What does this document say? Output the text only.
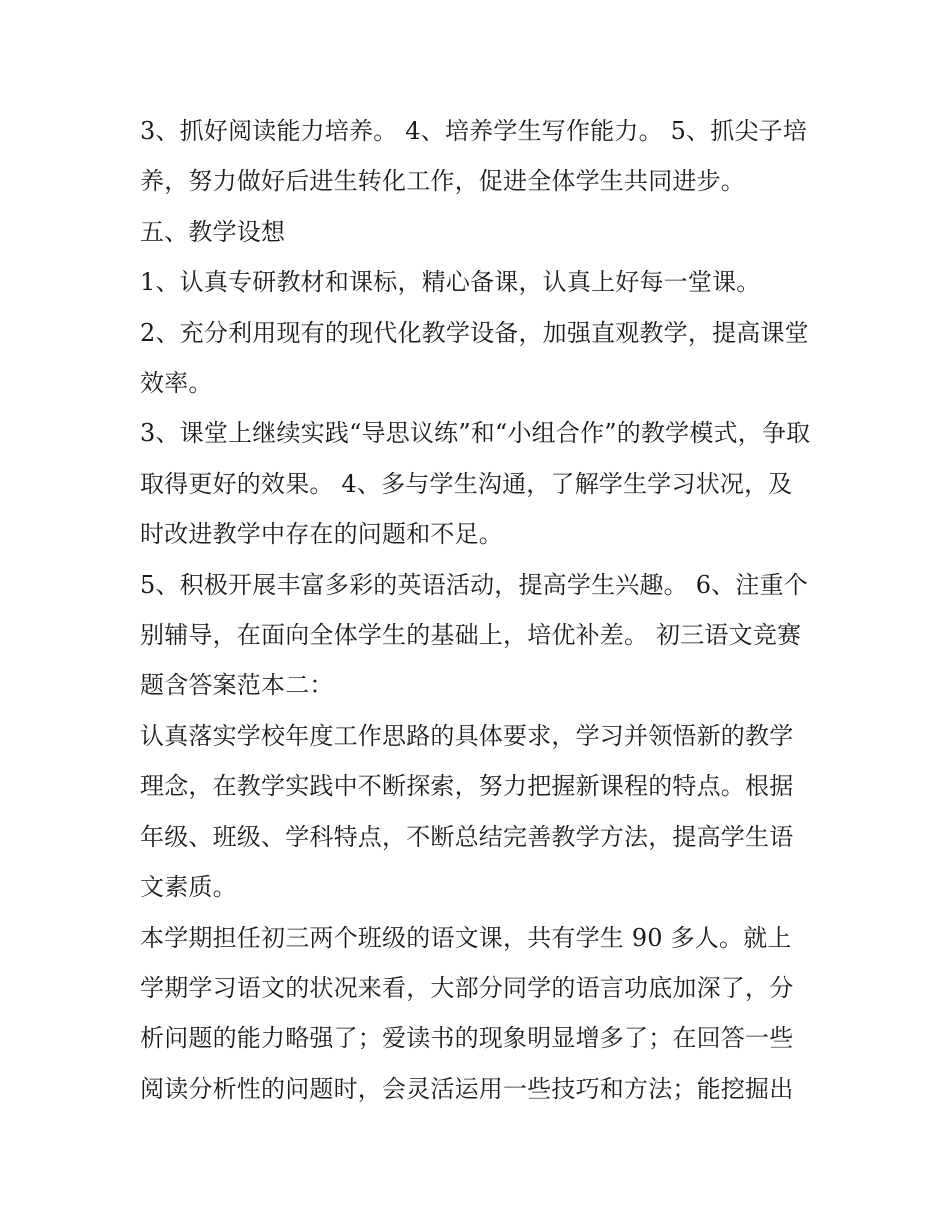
3、抓好阅读能力培养。 4、培养学生写作能力。 5、抓尖子培养，努力做好后进生转化工作，促进全体学生共同进步。

五、教学设想

1、认真专研教材和课标，精心备课，认真上好每一堂课。

2、充分利用现有的现代化教学设备，加强直观教学，提高课堂效率。

3、课堂上继续实践“导思议练”和“小组合作”的教学模式，争取取得更好的效果。 4、多与学生沟通，了解学生学习状况，及时改进教学中存在的问题和不足。

5、积极开展丰富多彩的英语活动，提高学生兴趣。 6、注重个别辅导，在面向全体学生的基础上，培优补差。 初三语文竞赛题含答案范本二：

认真落实学校年度工作思路的具体要求，学习并领悟新的教学理念，在教学实践中不断探索，努力把握新课程的特点。根据年级、班级、学科特点，不断总结完善教学方法，提高学生语文素质。

本学期担任初三两个班级的语文课，共有学生 90 多人。就上学期学习语文的状况来看，大部分同学的语言功底加深了，分析问题的能力略强了；爱读书的现象明显增多了；在回答一些阅读分析性的问题时，会灵活运用一些技巧和方法；能挖掘出
